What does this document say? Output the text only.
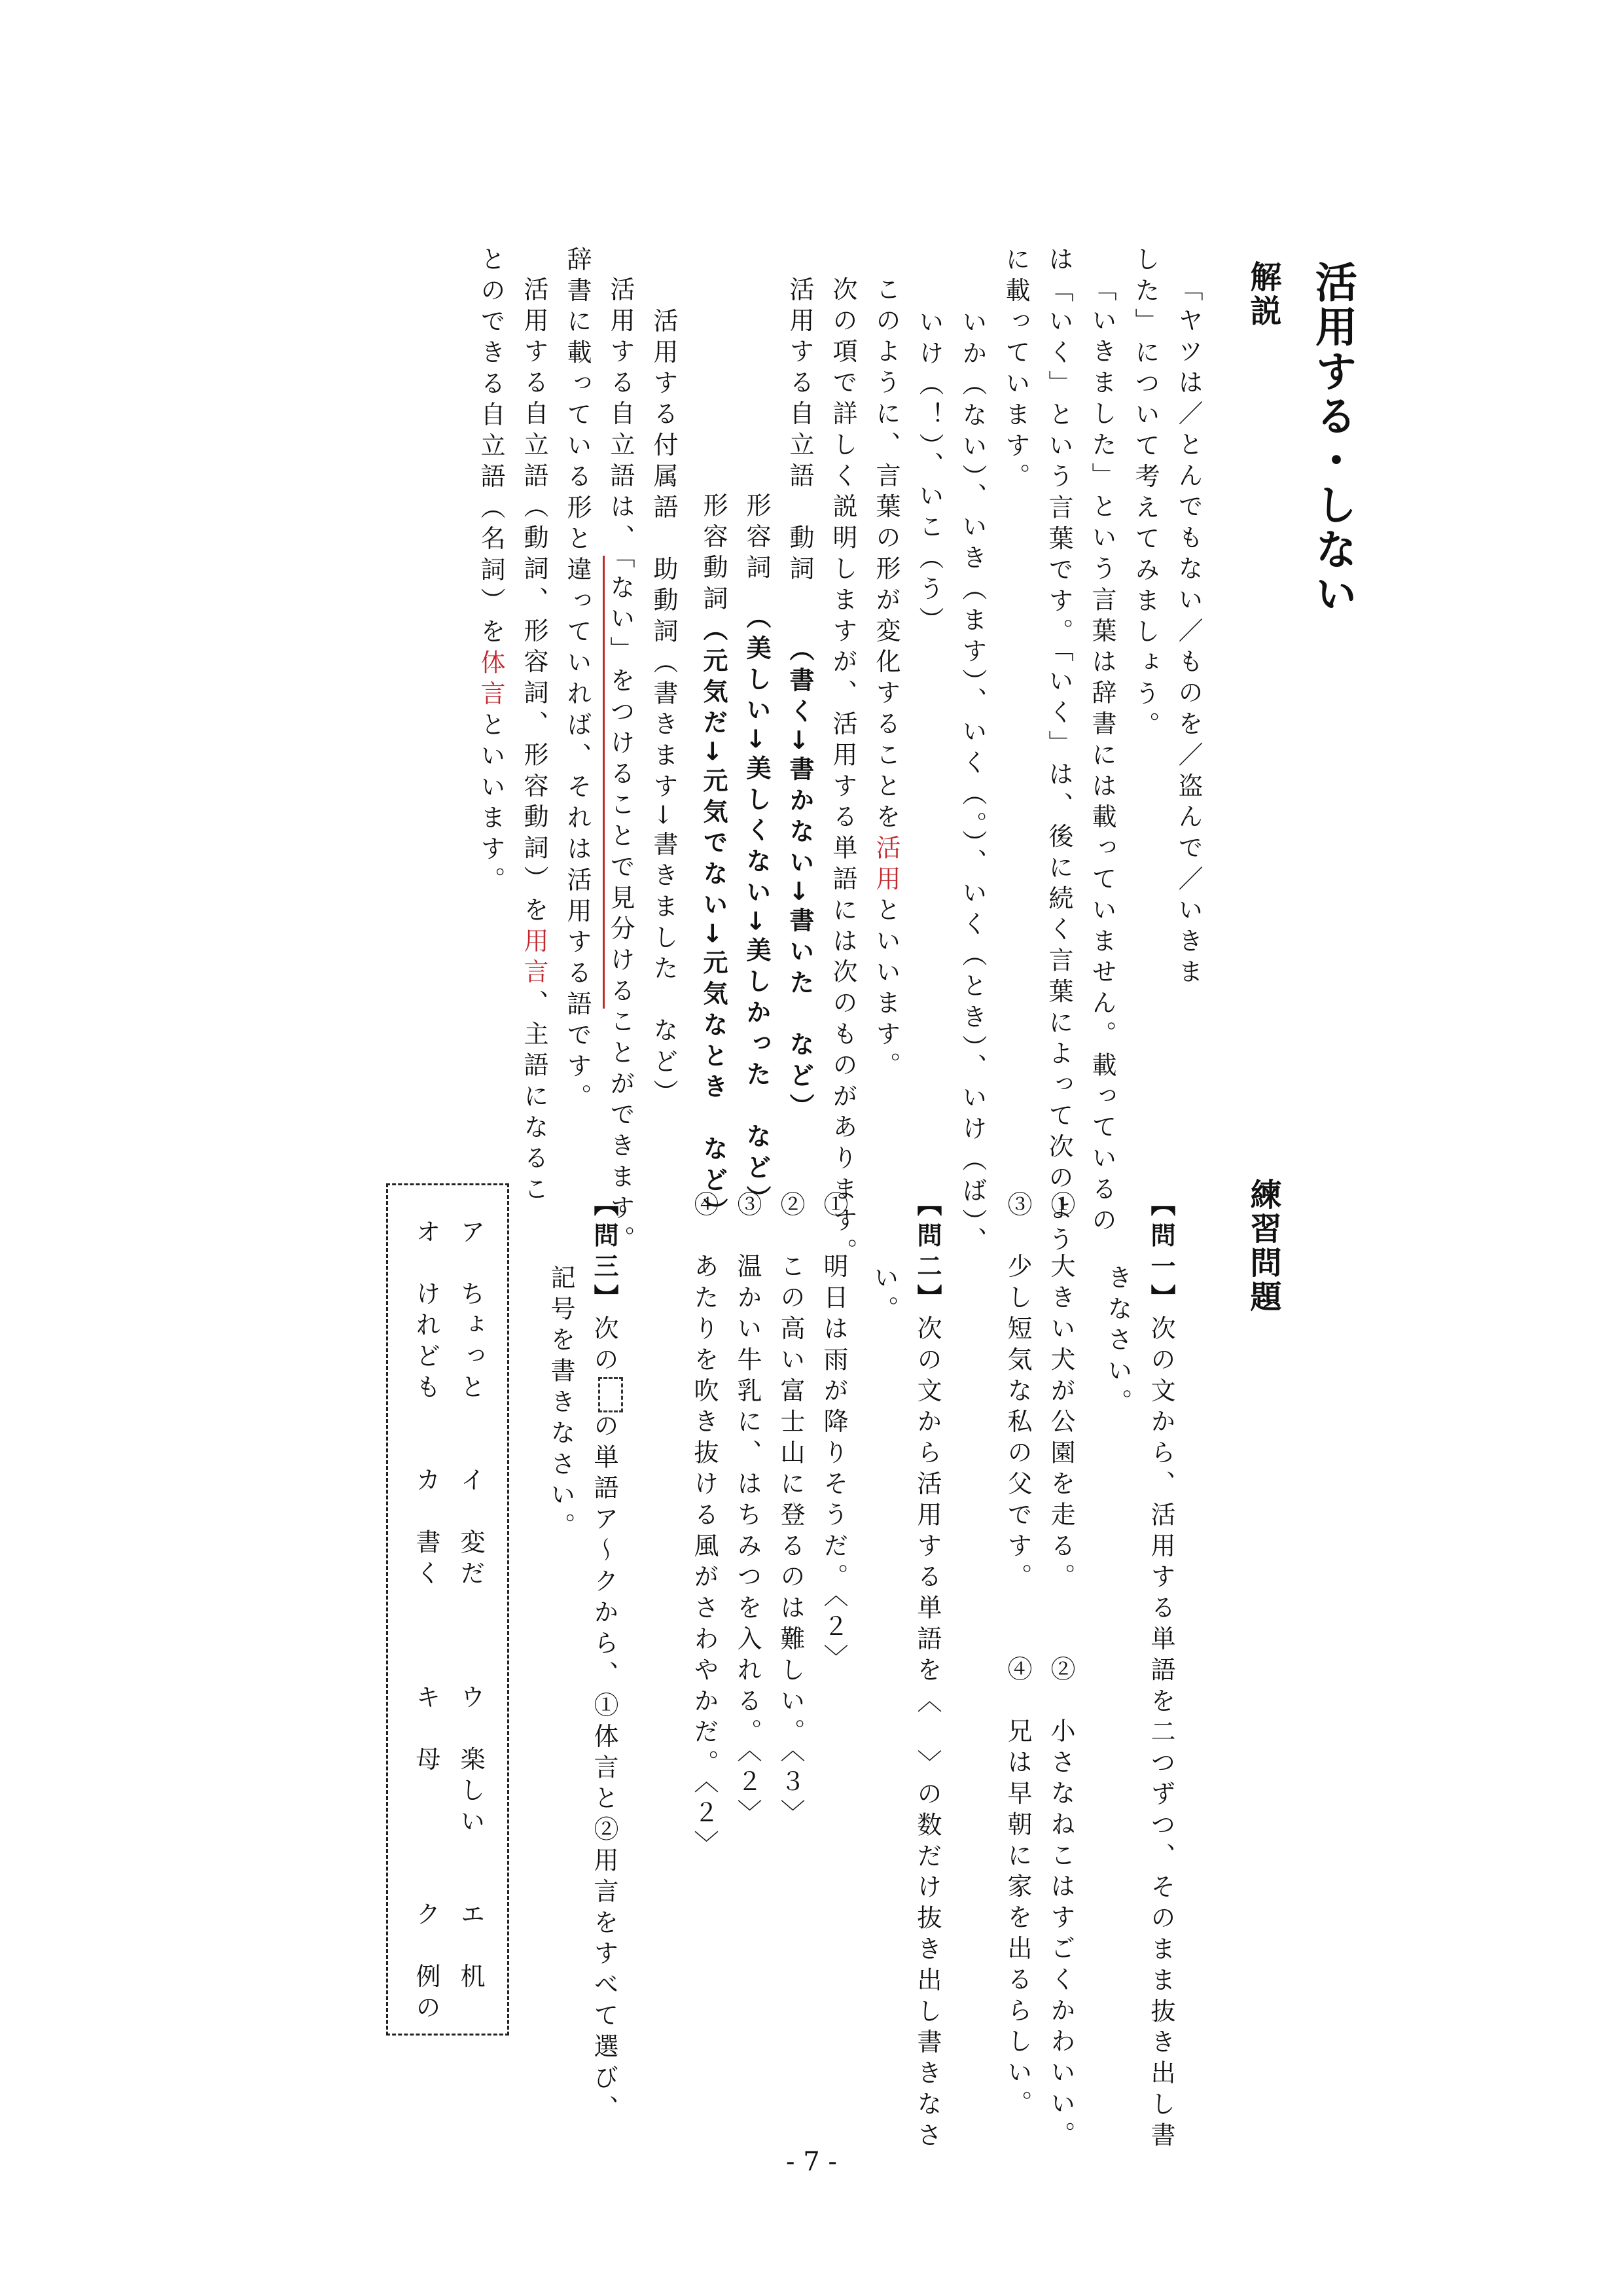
活用する・しない
解説
「ヤツは／とんでもない／ものを／盗んで／いきま
した」について考えてみましょう。
「いきました」という言葉は辞書には載っていません。載っているの
は「いく」という言葉です。「いく」は、後に続く言葉によって次のよう
に載っています。
いか（ない）、いき（ます）、いく（。）、いく（とき）、いけ（ば）、
いけ（！）、いこ（う）
このように、言葉の形が変化することを活用といいます。
次の項で詳しく説明しますが、活用する単語には次のものがあります。
活用する自立語　動詞　　（書く→書かない→書いた　など）
形容詞　（美しい→美しくない→美しかった　など）
形容動詞（元気だ→元気でない→元気なとき　など）
活用する付属語　助動詞（書きます→書きました　など）
活用する自立語は、「ない」をつけることで見分けることができます。
辞書に載っている形と違っていれば、それは活用する語です。
活用する自立語（動詞、形容詞、形容動詞）を用言、主語になるこ
とのできる自立語（名詞）を体言といいます。
練習問題
【問一】次の文から、活用する単語を二つずつ、そのまま抜き出し書
きなさい。
①　大きい犬が公園を走る。
②　小さなねこはすごくかわいい。
③　少し短気な私の父です。
④　兄は早朝に家を出るらしい。
【問二】次の文から活用する単語を〈　〉の数だけ抜き出し書きなさ
い。
①　明日は雨が降りそうだ。〈２〉
②　この高い富士山に登るのは難しい。〈３〉
③　温かい牛乳に、はちみつを入れる。〈２〉
④　あたりを吹き抜ける風がさわやかだ。〈２〉
【問三】次のの単語ア～クから、①体言と②用言をすべて選び、
記号を書きなさい。
ア　ちょっと　　イ　変だ　　　ウ　楽しい　　エ　机
オ　けれども　　カ　書く　　　キ　母　　　　ク　例の
- 7 -
